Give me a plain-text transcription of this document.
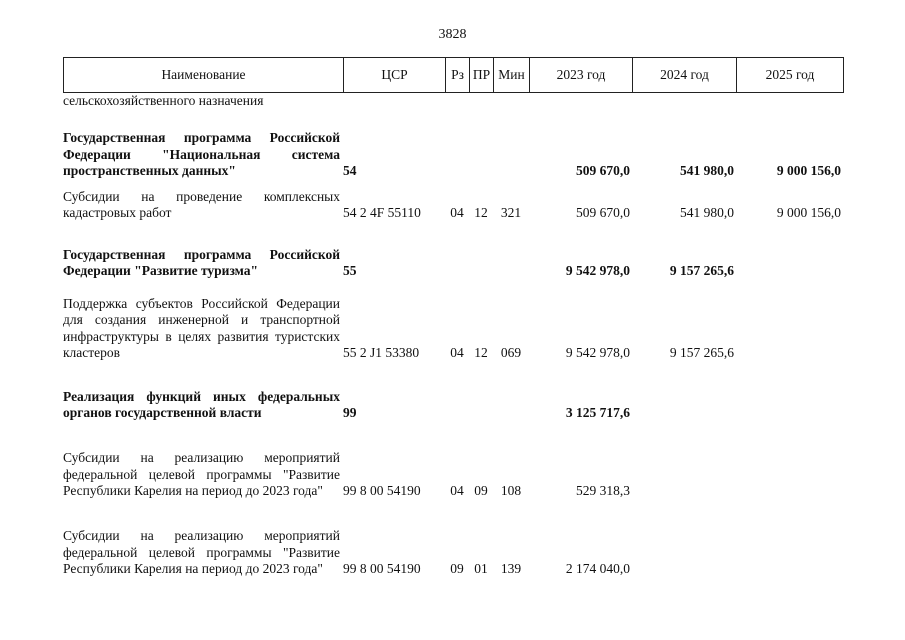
3828
Наименование	ЦСР	Рз	ПР	Мин	2023 год	2024 год	2025 год
сельскохозяйственного назначения							
Государственная программа Российской Федерации "Национальная система пространственных данных"	54				509 670,0	541 980,0	9 000 156,0
Субсидии на проведение комплексных кадастровых работ	54 2 4F 55110	04	12	321	509 670,0	541 980,0	9 000 156,0
Государственная программа Российской Федерации "Развитие туризма"	55				9 542 978,0	9 157 265,6	
Поддержка субъектов Российской Федерации для создания инженерной и транспортной инфраструктуры в целях развития туристских кластеров	55 2 J1 53380	04	12	069	9 542 978,0	9 157 265,6	
Реализация функций иных федеральных органов государственной власти	99				3 125 717,6		
Субсидии на реализацию мероприятий федеральной целевой программы "Развитие Республики Карелия на период до 2023 года"	99 8 00 54190	04	09	108	529 318,3		
Субсидии на реализацию мероприятий федеральной целевой программы "Развитие Республики Карелия на период до 2023 года"	99 8 00 54190	09	01	139	2 174 040,0		
